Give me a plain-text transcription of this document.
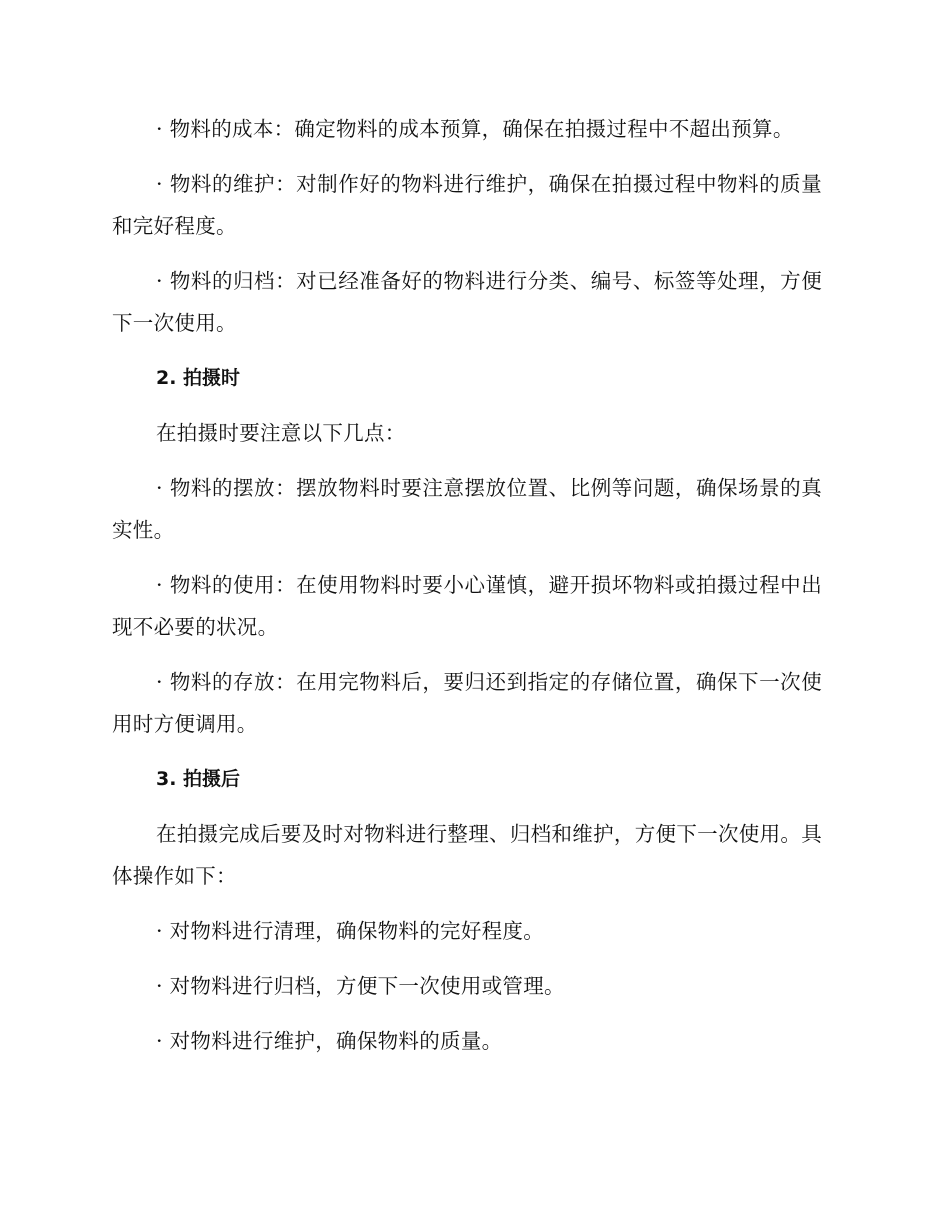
· 物料的成本：确定物料的成本预算，确保在拍摄过程中不超出预算。

· 物料的维护：对制作好的物料进行维护，确保在拍摄过程中物料的质量和完好程度。

· 物料的归档：对已经准备好的物料进行分类、编号、标签等处理，方便下一次使用。

2. 拍摄时

在拍摄时要注意以下几点：

· 物料的摆放：摆放物料时要注意摆放位置、比例等问题，确保场景的真实性。

· 物料的使用：在使用物料时要小心谨慎，避开损坏物料或拍摄过程中出现不必要的状况。

· 物料的存放：在用完物料后，要归还到指定的存储位置，确保下一次使用时方便调用。

3. 拍摄后

在拍摄完成后要及时对物料进行整理、归档和维护，方便下一次使用。具体操作如下：

· 对物料进行清理，确保物料的完好程度。

· 对物料进行归档，方便下一次使用或管理。

· 对物料进行维护，确保物料的质量。
